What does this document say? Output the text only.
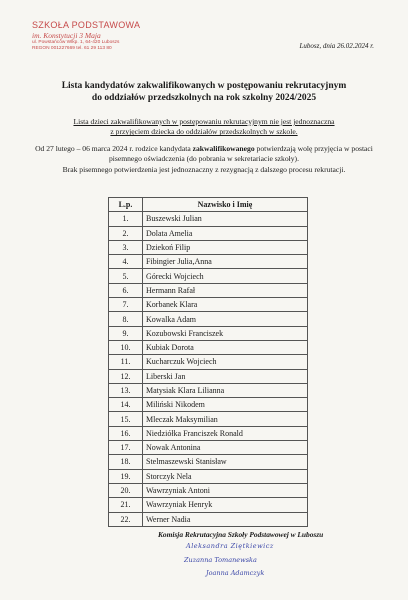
SZKOŁA PODSTAWOWA
im. Konstytucji 3 Maja
ul. Powstańców Wlkp. 1, 64-420 Luboszs
REGON 001227669 tel. 61 29 113 80	Lubosz, dnia 26.02.2024 r.
Lista kandydatów zakwalifikowanych w postępowaniu rekrutacyjnym
do oddziałów przedszkolnych na rok szkolny 2024/2025
Lista dzieci zakwalifikowanych w postępowaniu rekrutacyjnym nie jest jednoznaczna
z przyjęciem dziecka do oddziałów przedszkolnych w szkole.
Od 27 lutego – 06 marca 2024 r. rodzice kandydata zakwalifikowanego potwierdzają wolę przyjęcia w postaci pisemnego oświadczenia (do pobrania w sekretariacie szkoły).
Brak pisemnego potwierdzenia jest jednoznaczny z rezygnacją z dalszego procesu rekrutacji.
L.p.	Nazwisko i Imię
1.	Buszewski Julian
2.	Dolata Amelia
3.	Dziekoń Filip
4.	Fibingier Julia,Anna
5.	Górecki Wojciech
6.	Hermann Rafał
7.	Korbanek Klara
8.	Kowalka Adam
9.	Kozubowski Franciszek
10.	Kubiak Dorota
11.	Kucharczuk Wojciech
12.	Liberski Jan
13.	Matysiak Klara Lilianna
14.	Miliński Nikodem
15.	Mleczak Maksymilian
16.	Niedziółka Franciszek Ronald
17.	Nowak Antonina
18.	Stelmaszewski Stanisław
19.	Storczyk Nela
20.	Wawrzyniak Antoni
21.	Wawrzyniak Henryk
22.	Werner Nadia
Komisja Rekrutacyjna Szkoły Podstawowej w Luboszu
Aleksandra Ziętkiewicz
Zuzanna Tomanewska
Joanna Adamczyk
